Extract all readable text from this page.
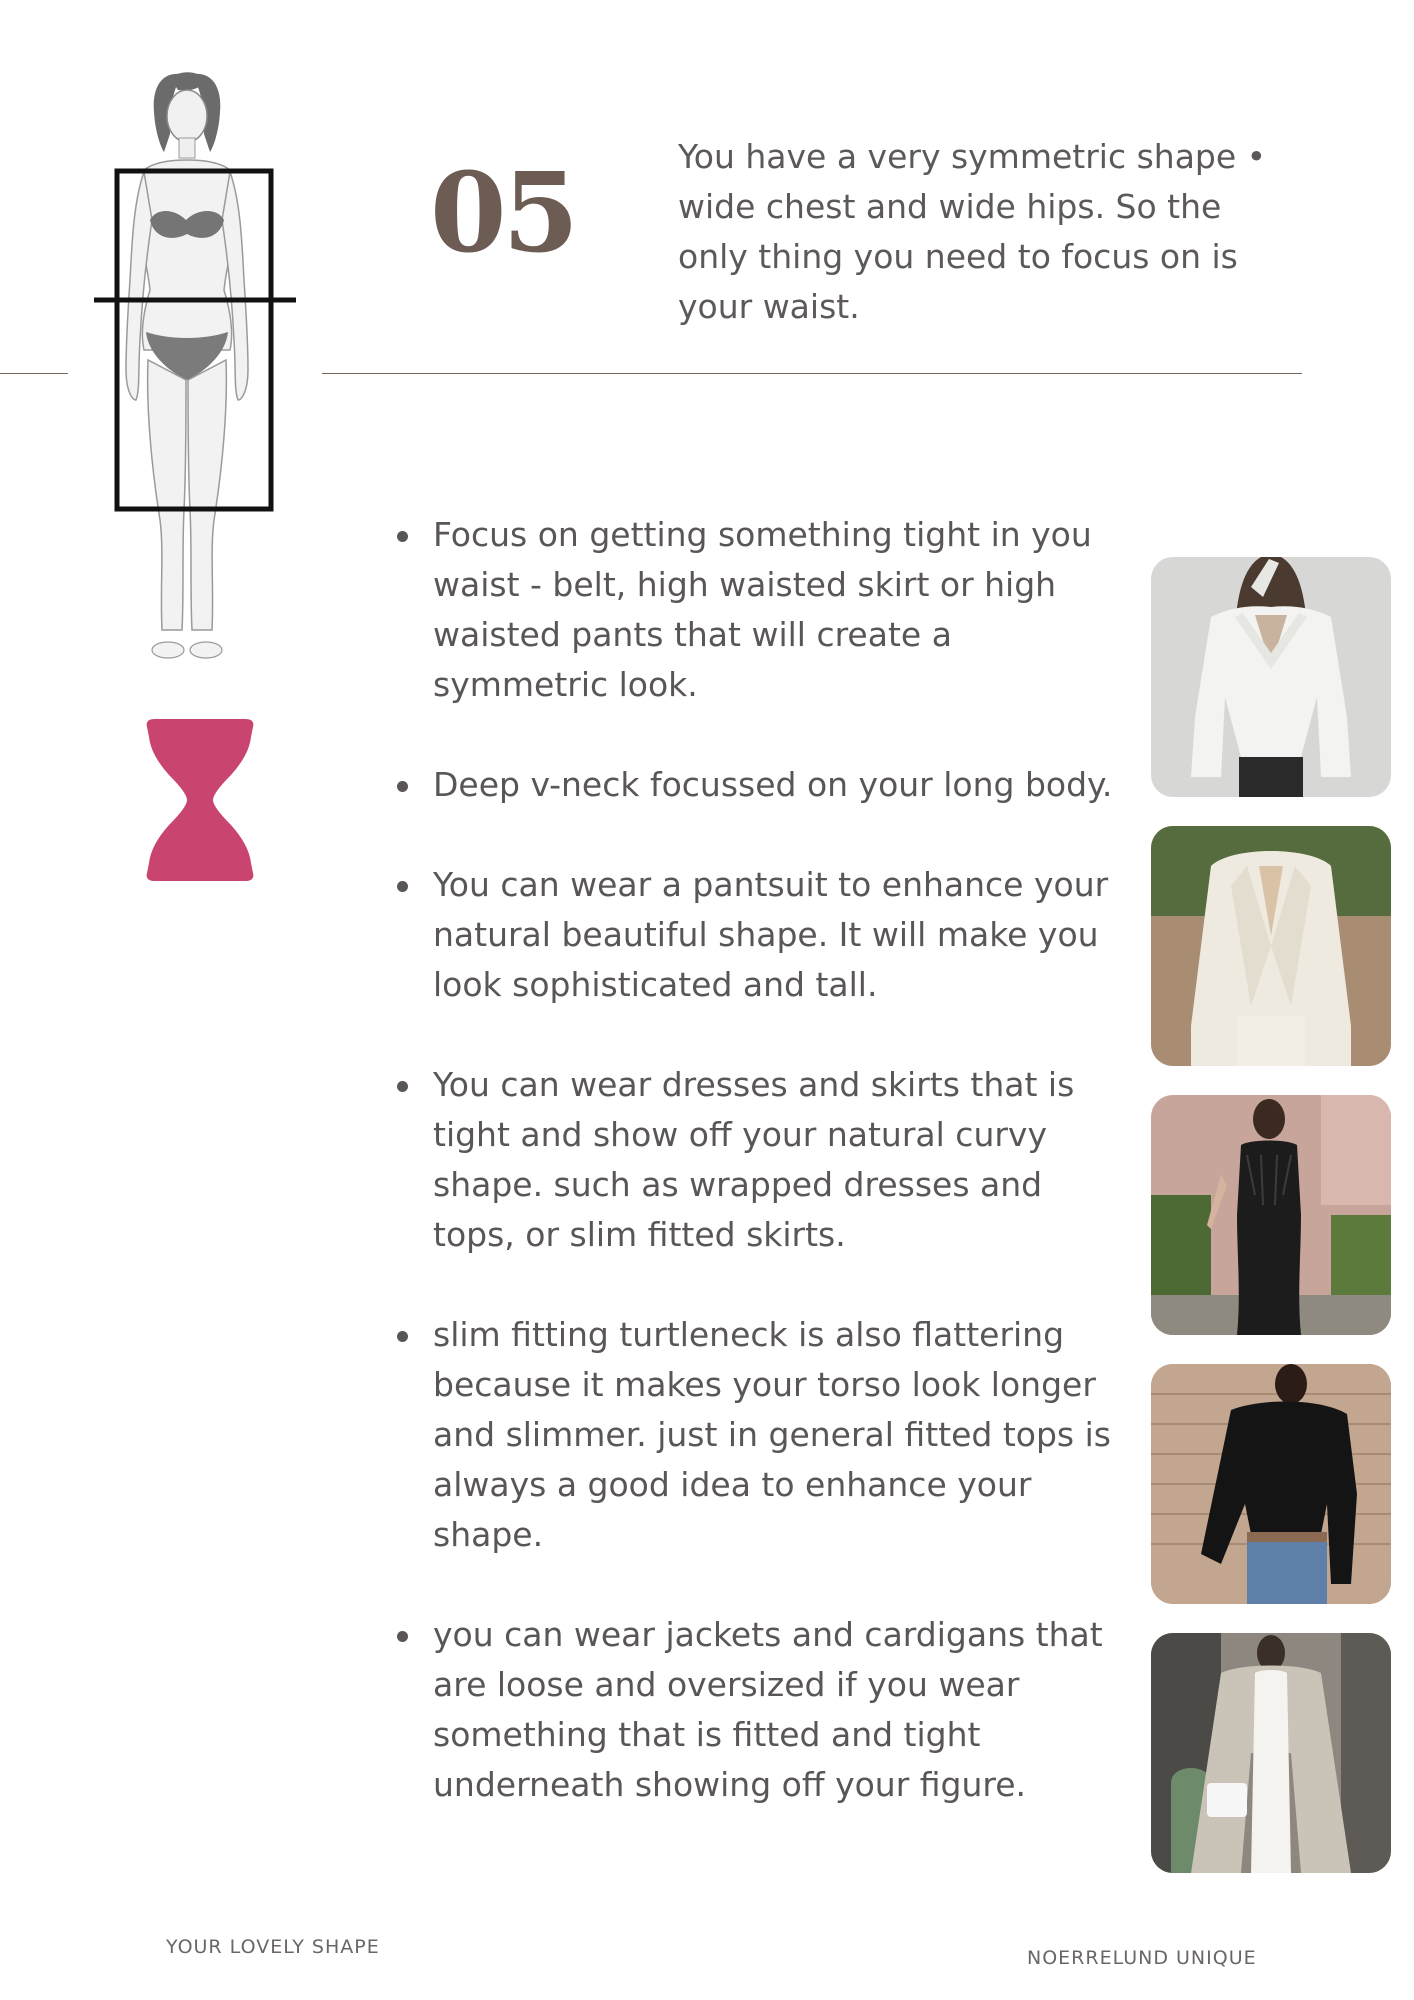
05	You have a very symmetric shape • wide chest and wide hips. So the only thing you need to focus on is your waist.
Focus on getting something tight in you waist - belt, high waisted skirt or high waisted pants that will create a symmetric look.
Deep v-neck focussed on your long body.
You can wear a pantsuit to enhance your natural beautiful shape. It will make you look sophisticated and tall.
You can wear dresses and skirts that is tight and show off your natural curvy shape. such as wrapped dresses and tops, or slim fitted skirts.
slim fitting turtleneck is also flattering because it makes your torso look longer and slimmer. just in general fitted tops is always a good idea to enhance your shape.
you can wear jackets and cardigans that are loose and oversized if you wear something that is fitted and tight underneath showing off your figure.
YOUR LOVELY SHAPE	NOERRELUND UNIQUE
